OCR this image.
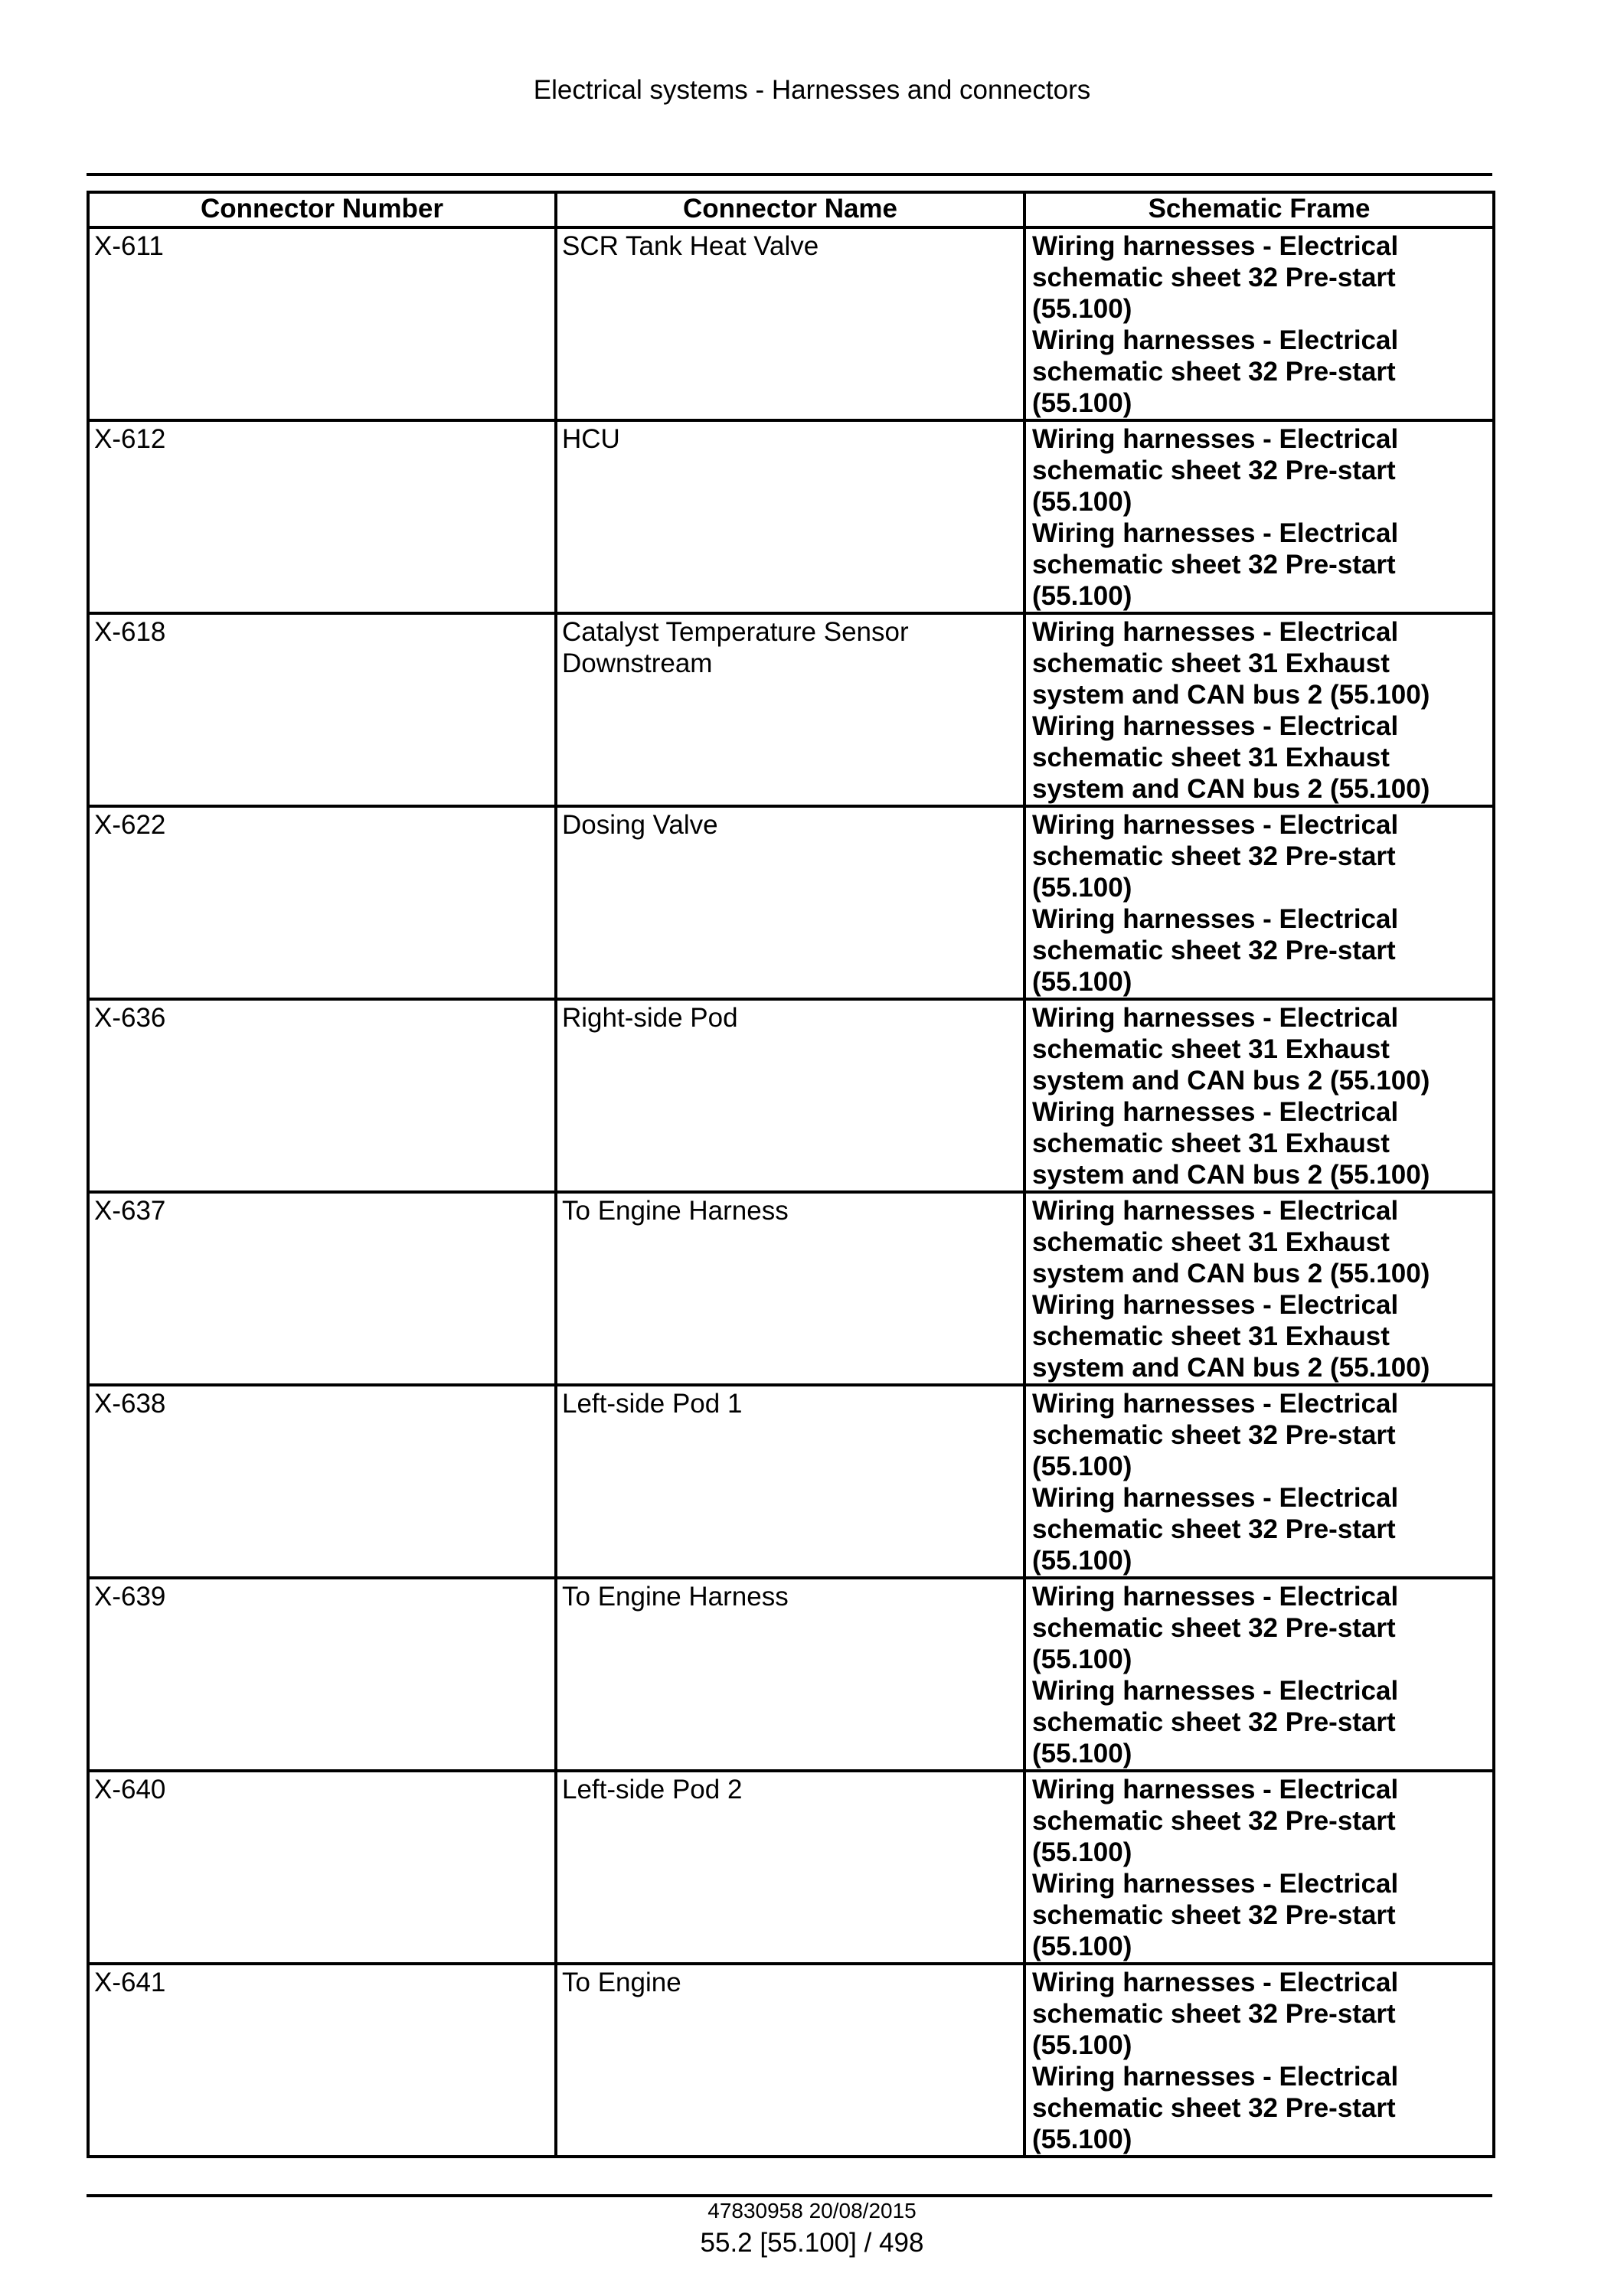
Electrical systems - Harnesses and connectors
Connector Number	Connector Name	Schematic Frame
X-611	SCR Tank Heat Valve	Wiring harnesses - Electrical schematic sheet 32 Pre-start (55.100)
Wiring harnesses - Electrical schematic sheet 32 Pre-start (55.100)

X-612	HCU	Wiring harnesses - Electrical schematic sheet 32 Pre-start (55.100)
Wiring harnesses - Electrical schematic sheet 32 Pre-start (55.100)

X-618	Catalyst Temperature Sensor Downstream	Wiring harnesses - Electrical schematic sheet 31 Exhaust system and CAN bus 2 (55.100)
Wiring harnesses - Electrical schematic sheet 31 Exhaust system and CAN bus 2 (55.100)

X-622	Dosing Valve	Wiring harnesses - Electrical schematic sheet 32 Pre-start (55.100)
Wiring harnesses - Electrical schematic sheet 32 Pre-start (55.100)

X-636	Right-side Pod	Wiring harnesses - Electrical schematic sheet 31 Exhaust system and CAN bus 2 (55.100)
Wiring harnesses - Electrical schematic sheet 31 Exhaust system and CAN bus 2 (55.100)

X-637	To Engine Harness	Wiring harnesses - Electrical schematic sheet 31 Exhaust system and CAN bus 2 (55.100)
Wiring harnesses - Electrical schematic sheet 31 Exhaust system and CAN bus 2 (55.100)

X-638	Left-side Pod 1	Wiring harnesses - Electrical schematic sheet 32 Pre-start (55.100)
Wiring harnesses - Electrical schematic sheet 32 Pre-start (55.100)

X-639	To Engine Harness	Wiring harnesses - Electrical schematic sheet 32 Pre-start (55.100)
Wiring harnesses - Electrical schematic sheet 32 Pre-start (55.100)

X-640	Left-side Pod 2	Wiring harnesses - Electrical schematic sheet 32 Pre-start (55.100)
Wiring harnesses - Electrical schematic sheet 32 Pre-start (55.100)

X-641	To Engine	Wiring harnesses - Electrical schematic sheet 32 Pre-start (55.100)
Wiring harnesses - Electrical schematic sheet 32 Pre-start (55.100)
47830958 20/08/2015
55.2 [55.100] / 498
